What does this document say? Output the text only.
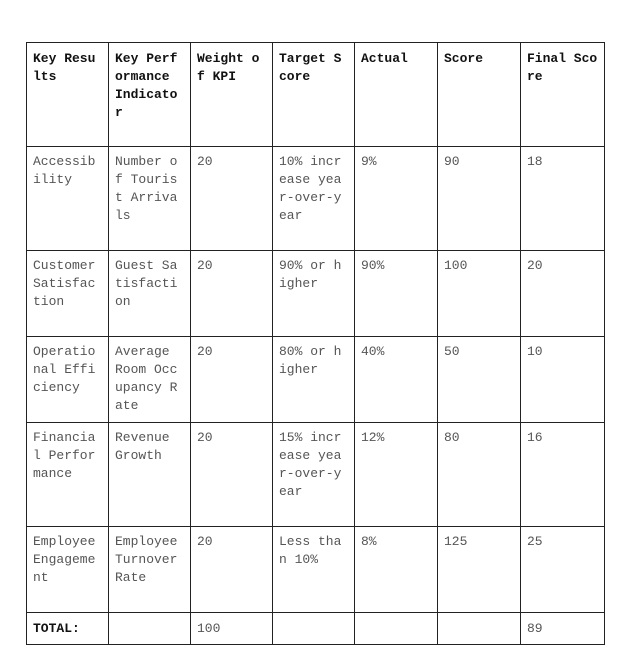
Key Results	Key Performance Indicator	Weight of KPI	Target Score	Actual	Score	Final Score
Accessibility	Number of Tourist Arrivals	20	10% increase year-over-year	9%	90	18
Customer Satisfaction	Guest Satisfaction	20	90% or higher	90%	100	20
Operational Efficiency	Average Room Occupancy Rate	20	80% or higher	40%	50	10
Financial Performance	Revenue Growth	20	15% increase year-over-year	12%	80	16
Employee Engagement	Employee Turnover Rate	20	Less than 10%	8%	125	25
TOTAL:		100				89
